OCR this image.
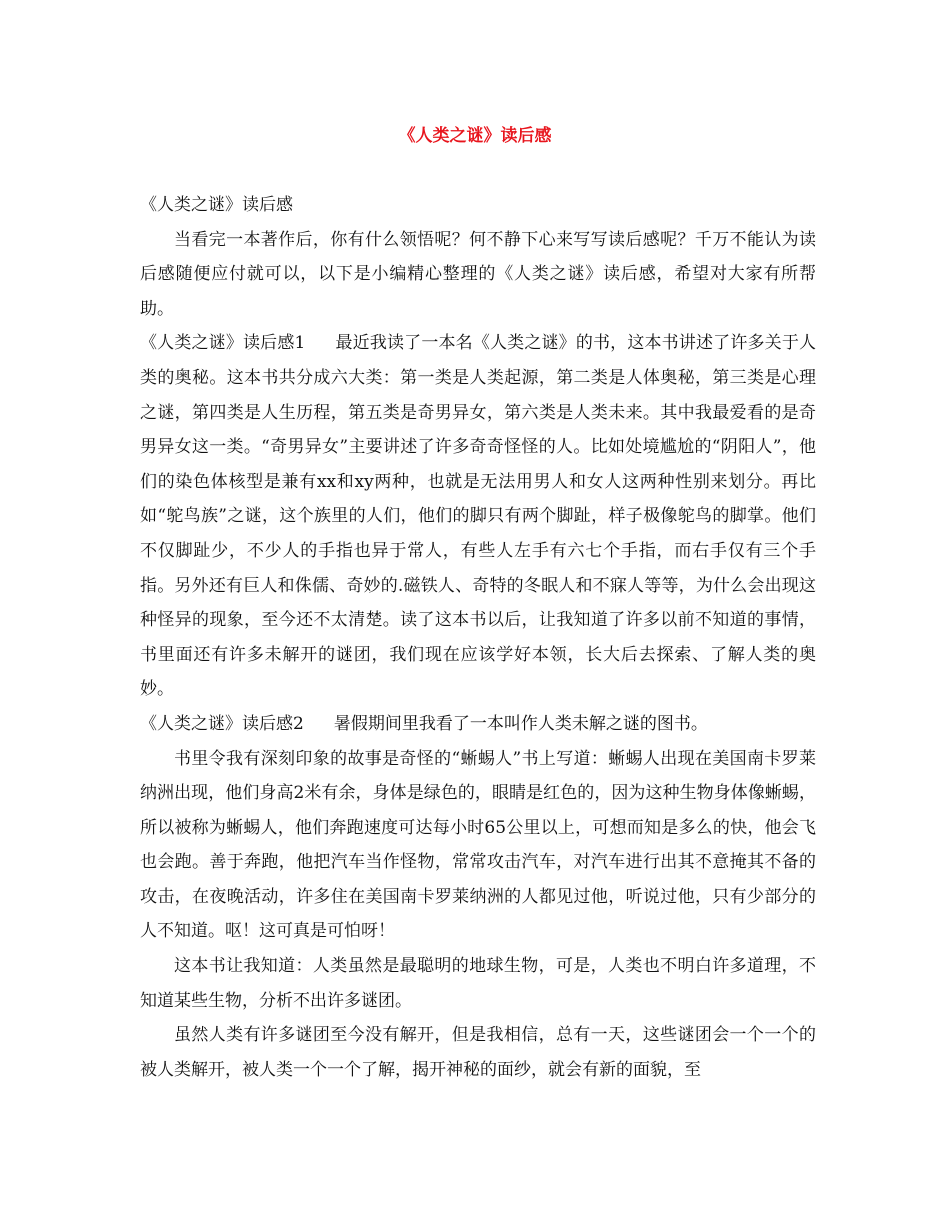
《人类之谜》读后感

《人类之谜》读后感

当看完一本著作后，你有什么领悟呢？何不静下心来写写读后感呢？千万不能认为读后感随便应付就可以，以下是小编精心整理的《人类之谜》读后感，希望对大家有所帮助。

《人类之谜》读后感1 最近我读了一本名《人类之谜》的书，这本书讲述了许多关于人类的奥秘。这本书共分成六大类：第一类是人类起源，第二类是人体奥秘，第三类是心理之谜，第四类是人生历程，第五类是奇男异女，第六类是人类未来。其中我最爱看的是奇男异女这一类。“奇男异女”主要讲述了许多奇奇怪怪的人。比如处境尴尬的“阴阳人”，他们的染色体核型是兼有xx和xy两种，也就是无法用男人和女人这两种性别来划分。再比如“鸵鸟族”之谜，这个族里的人们，他们的脚只有两个脚趾，样子极像鸵鸟的脚掌。他们不仅脚趾少，不少人的手指也异于常人，有些人左手有六七个手指，而右手仅有三个手指。另外还有巨人和侏儒、奇妙的.磁铁人、奇特的冬眠人和不寐人等等，为什么会出现这种怪异的现象，至今还不太清楚。读了这本书以后，让我知道了许多以前不知道的事情，书里面还有许多未解开的谜团，我们现在应该学好本领，长大后去探索、了解人类的奥妙。

《人类之谜》读后感2 暑假期间里我看了一本叫作人类未解之谜的图书。

书里令我有深刻印象的故事是奇怪的“蜥蜴人”书上写道：蜥蜴人出现在美国南卡罗莱纳洲出现，他们身高2米有余，身体是绿色的，眼睛是红色的，因为这种生物身体像蜥蜴，所以被称为蜥蜴人，他们奔跑速度可达每小时65公里以上，可想而知是多么的快，他会飞也会跑。善于奔跑，他把汽车当作怪物，常常攻击汽车，对汽车进行出其不意掩其不备的攻击，在夜晚活动，许多住在美国南卡罗莱纳洲的人都见过他，听说过他，只有少部分的人不知道。呕！这可真是可怕呀！

这本书让我知道：人类虽然是最聪明的地球生物，可是，人类也不明白许多道理，不知道某些生物，分析不出许多谜团。

虽然人类有许多谜团至今没有解开，但是我相信，总有一天，这些谜团会一个一个的被人类解开，被人类一个一个了解，揭开神秘的面纱，就会有新的面貌，至
